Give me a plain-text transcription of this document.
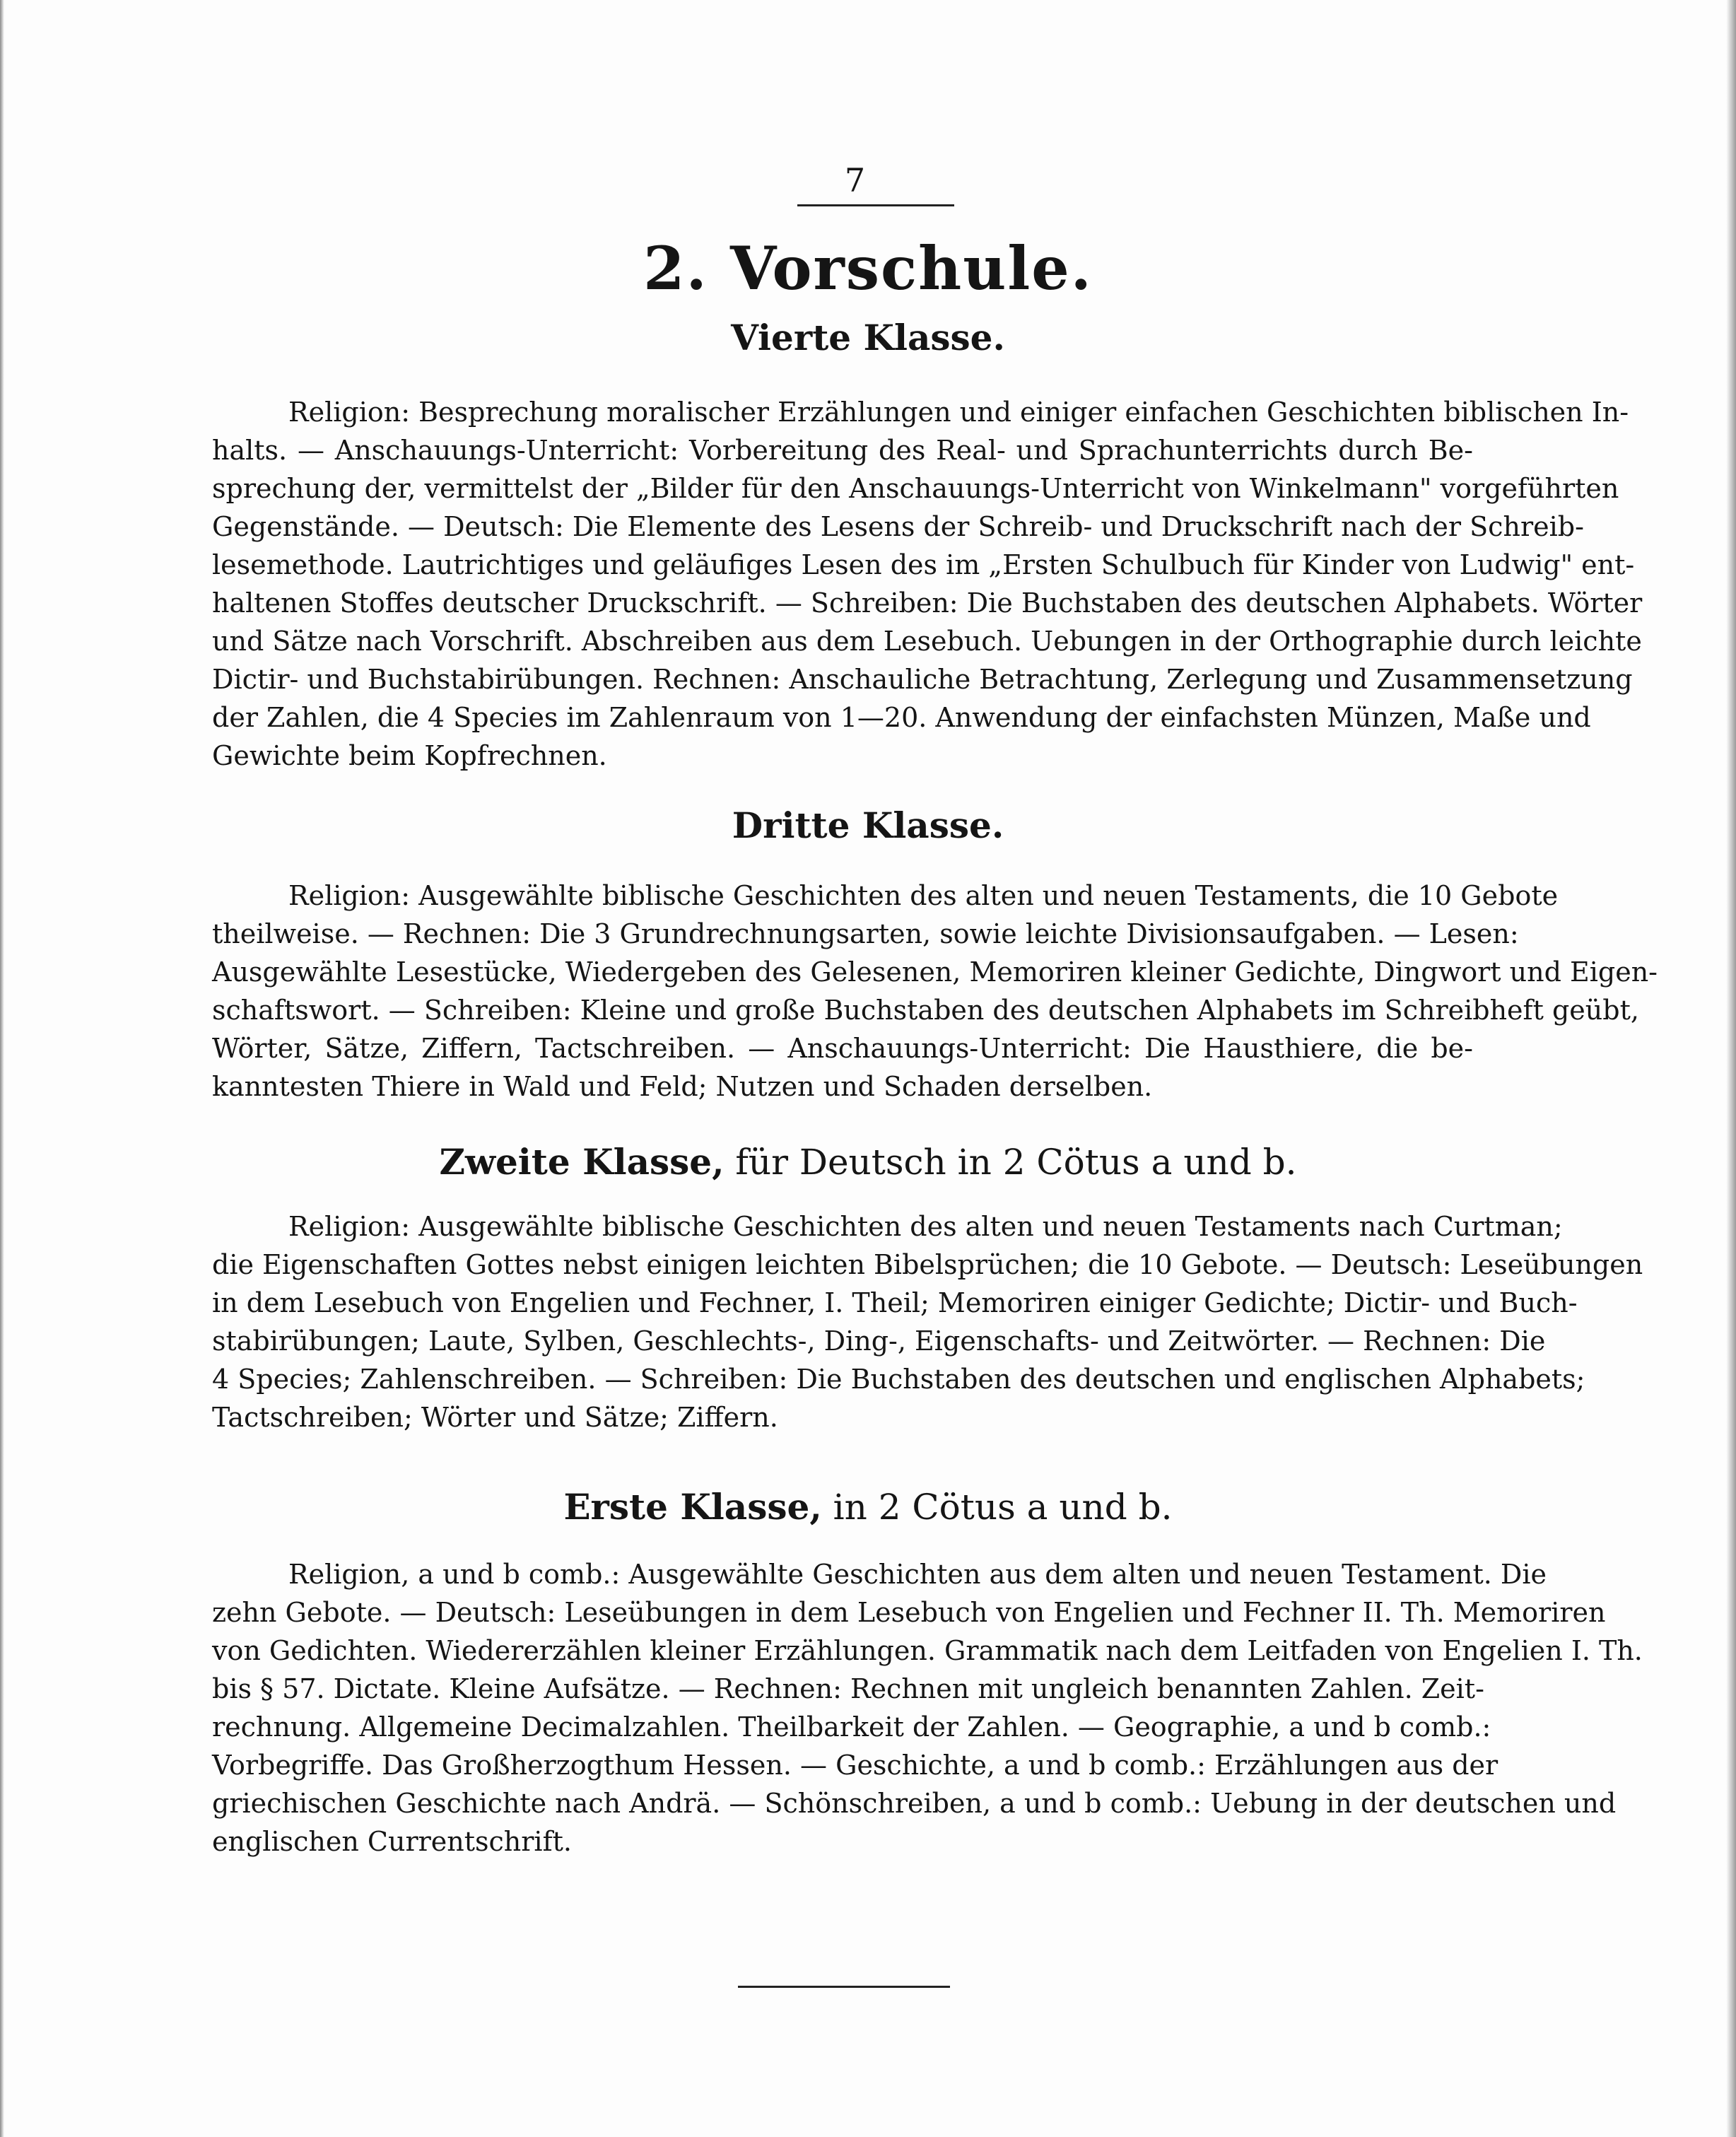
7
2. Vorschule.
Vierte Klasse.
Religion: Besprechung moralischer Erzählungen und einiger einfachen Geschichten biblischen In-
halts. — Anschauungs-Unterricht: Vorbereitung des Real- und Sprachunterrichts durch Be-
sprechung der, vermittelst der „Bilder für den Anschauungs-Unterricht von Winkelmann" vorgeführten
Gegenstände. — Deutsch: Die Elemente des Lesens der Schreib- und Druckschrift nach der Schreib-
lesemethode. Lautrichtiges und geläufiges Lesen des im „Ersten Schulbuch für Kinder von Ludwig" ent-
haltenen Stoffes deutscher Druckschrift. — Schreiben: Die Buchstaben des deutschen Alphabets. Wörter
und Sätze nach Vorschrift. Abschreiben aus dem Lesebuch. Uebungen in der Orthographie durch leichte
Dictir- und Buchstabirübungen. Rechnen: Anschauliche Betrachtung, Zerlegung und Zusammensetzung
der Zahlen, die 4 Species im Zahlenraum von 1—20. Anwendung der einfachsten Münzen, Maße und
Gewichte beim Kopfrechnen.
Dritte Klasse.
Religion: Ausgewählte biblische Geschichten des alten und neuen Testaments, die 10 Gebote
theilweise. — Rechnen: Die 3 Grundrechnungsarten, sowie leichte Divisionsaufgaben. — Lesen:
Ausgewählte Lesestücke, Wiedergeben des Gelesenen, Memoriren kleiner Gedichte, Dingwort und Eigen-
schaftswort. — Schreiben: Kleine und große Buchstaben des deutschen Alphabets im Schreibheft geübt,
Wörter, Sätze, Ziffern, Tactschreiben. — Anschauungs-Unterricht: Die Hausthiere, die be-
kanntesten Thiere in Wald und Feld; Nutzen und Schaden derselben.
Zweite Klasse, für Deutsch in 2 Cötus a und b.
Religion: Ausgewählte biblische Geschichten des alten und neuen Testaments nach Curtman;
die Eigenschaften Gottes nebst einigen leichten Bibelsprüchen; die 10 Gebote. — Deutsch: Leseübungen
in dem Lesebuch von Engelien und Fechner, I. Theil; Memoriren einiger Gedichte; Dictir- und Buch-
stabirübungen; Laute, Sylben, Geschlechts-, Ding-, Eigenschafts- und Zeitwörter. — Rechnen: Die
4 Species; Zahlenschreiben. — Schreiben: Die Buchstaben des deutschen und englischen Alphabets;
Tactschreiben; Wörter und Sätze; Ziffern.
Erste Klasse, in 2 Cötus a und b.
Religion, a und b comb.: Ausgewählte Geschichten aus dem alten und neuen Testament. Die
zehn Gebote. — Deutsch: Leseübungen in dem Lesebuch von Engelien und Fechner II. Th. Memoriren
von Gedichten. Wiedererzählen kleiner Erzählungen. Grammatik nach dem Leitfaden von Engelien I. Th.
bis § 57. Dictate. Kleine Aufsätze. — Rechnen: Rechnen mit ungleich benannten Zahlen. Zeit-
rechnung. Allgemeine Decimalzahlen. Theilbarkeit der Zahlen. — Geographie, a und b comb.:
Vorbegriffe. Das Großherzogthum Hessen. — Geschichte, a und b comb.: Erzählungen aus der
griechischen Geschichte nach Andrä. — Schönschreiben, a und b comb.: Uebung in der deutschen und
englischen Currentschrift.
